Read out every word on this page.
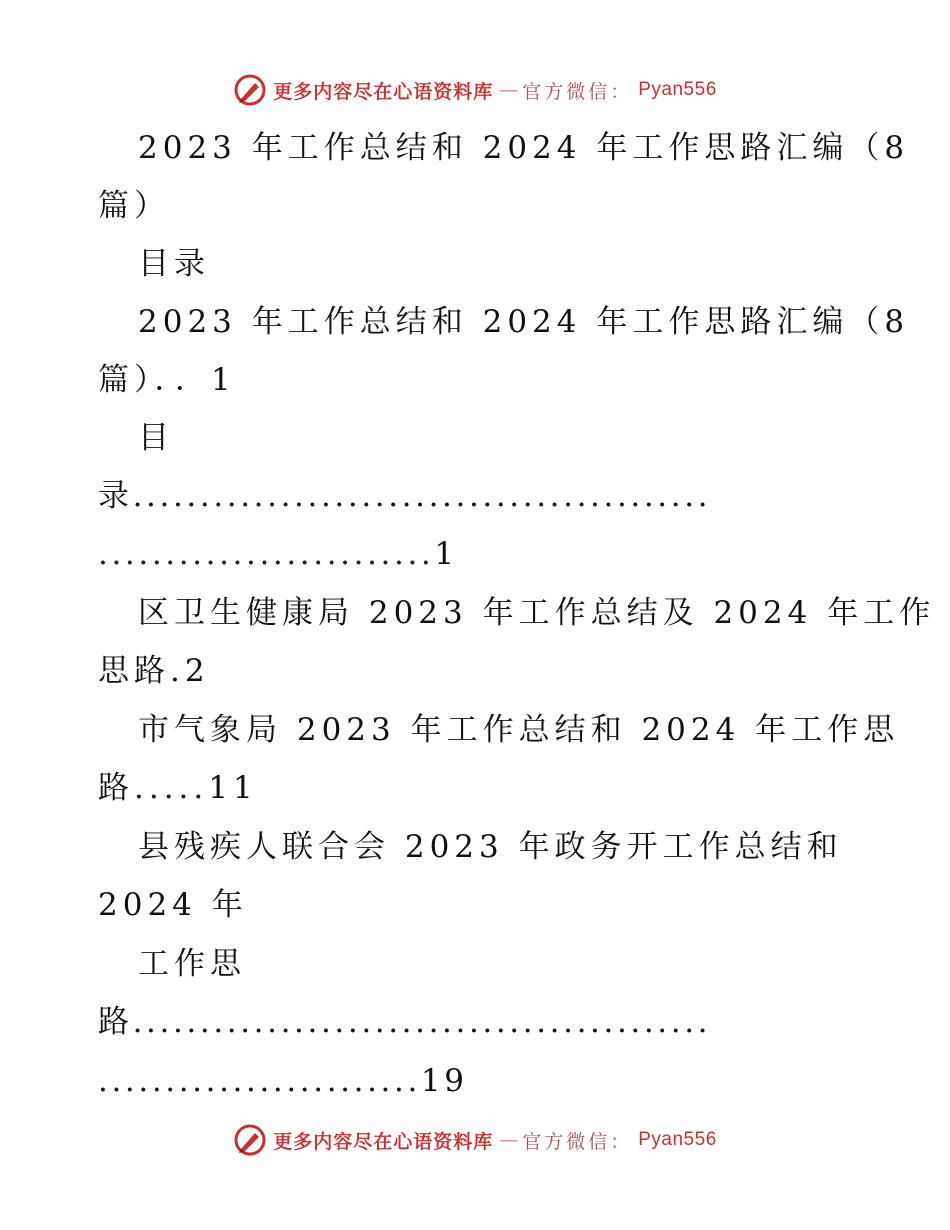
更多内容尽在心语资料库 — 官方微信： Pyan556
2023 年工作总结和 2024 年工作思路汇编（8
篇）
目录
2023 年工作总结和 2024 年工作思路汇编（8
篇）．．1
目
录...........................................
.........................1
区卫生健康局 2023 年工作总结及 2024 年工作
思路.2
市气象局 2023 年工作总结和 2024 年工作思
路.....11
县残疾人联合会 2023 年政务开工作总结和
2024 年
工作思
路...........................................
........................19
更多内容尽在心语资料库 — 官方微信： Pyan556
